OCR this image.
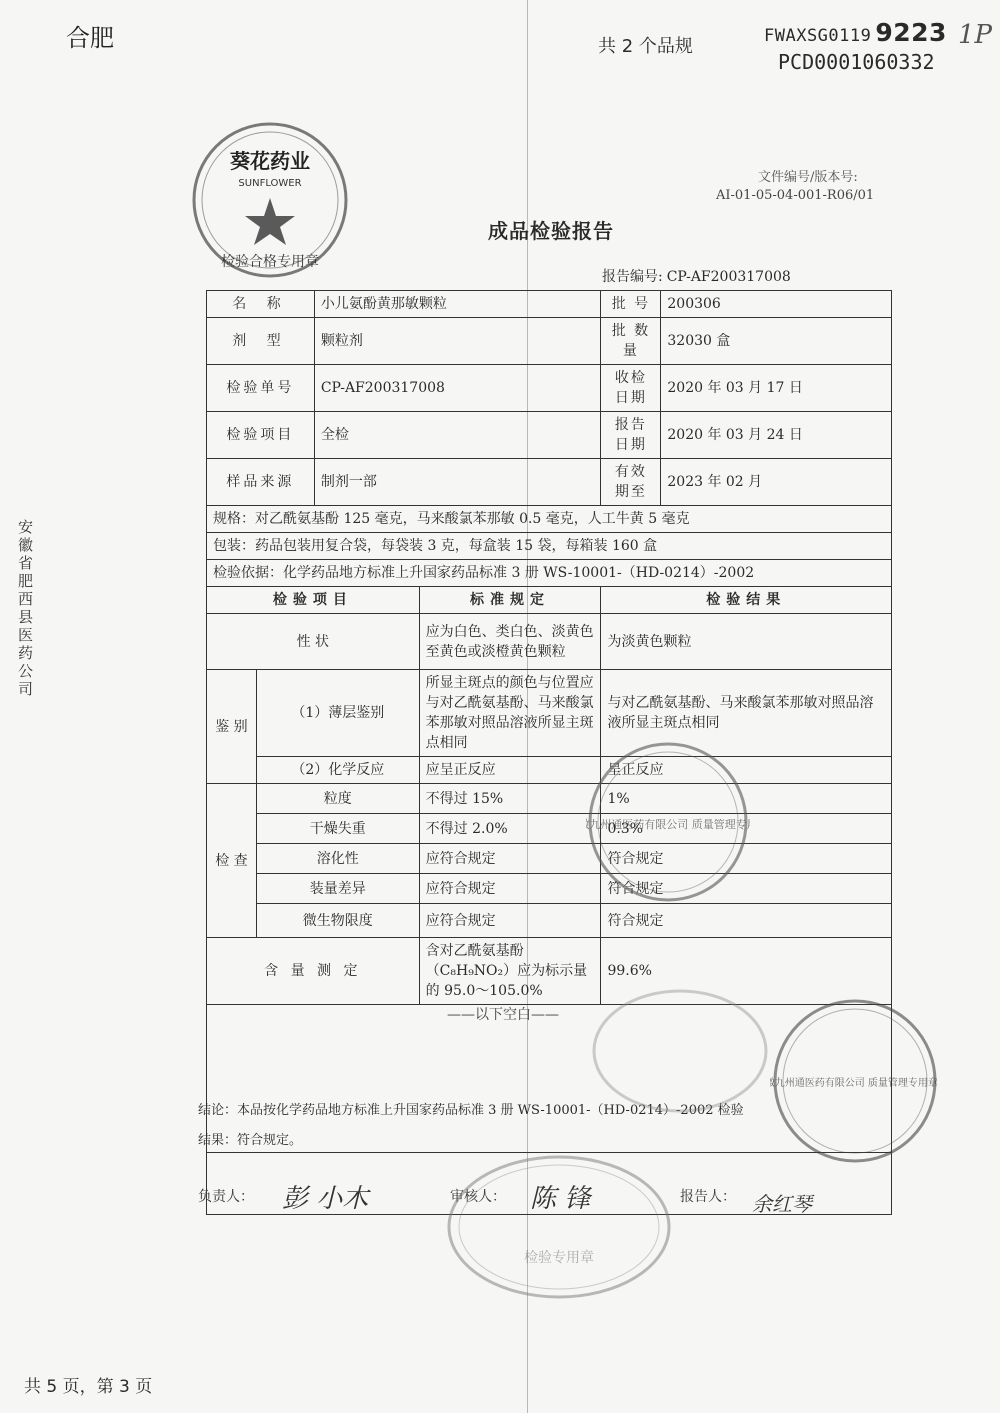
合肥	共 2 个品规	FWAXSG0119 9223
PCD0001060332
1P
安徽省肥西县医药公司
文件编号/版本号:
AI-01-05-04-001-R06/01
成品检验报告
报告编号: CP-AF200317008
名 称		小儿氨酚黄那敏颗粒		批 号	200306
剂 型		颗粒剂		批 数 量	32030 盒
检验单号		CP-AF200317008		收检日期	2020 年 03 月 17 日
检验项目		全检		报告日期	2020 年 03 月 24 日
样品来源		制剂一部		有效期至	2023 年 02 月
规格：对乙酰氨基酚 125 毫克，马来酸氯苯那敏 0.5 毫克，人工牛黄 5 毫克					
包装：药品包装用复合袋，每袋装 3 克，每盒装 15 袋，每箱装 160 盒					
检验依据：化学药品地方标准上升国家药品标准 3 册 WS-10001-（HD-0214）-2002					
检验项目			标准规定	检验结果	
性 状			应为白色、类白色、淡黄色至黄色或淡橙黄色颗粒	为淡黄色颗粒	
鉴 别	（1）薄层鉴别		所显主斑点的颜色与位置应与对乙酰氨基酚、马来酸氯苯那敏对照品溶液所显主斑点相同	与对乙酰氨基酚、马来酸氯苯那敏对照品溶液所显主斑点相同	
	（2）化学反应		应呈正反应	呈正反应	
检 查	粒度		不得过 15%	1%	
	干燥失重		不得过 2.0%	0.3%	
	溶化性		应符合规定	符合规定	
	装量差异		应符合规定	符合规定	
	微生物限度		应符合规定	符合规定	
含 量 测 定			含对乙酰氨基酚（C₈H₉NO₂）应为标示量的 95.0～105.0%	99.6%	

——以下空白——					

结论：本品按化学药品地方标准上升国家药品标准 3 册 WS-10001-（HD-0214）-2002 检验
结果：符合规定。
负责人： 彭 小木	审核人： 陈 锋	报告人： 余红琴
共 5 页，第 3 页
葵花药业
SUNFLOWER
检验合格专用章
九州通医药有限公司 质量管理专
九州通医药有限公司 质量管理专用章
检验专用章
